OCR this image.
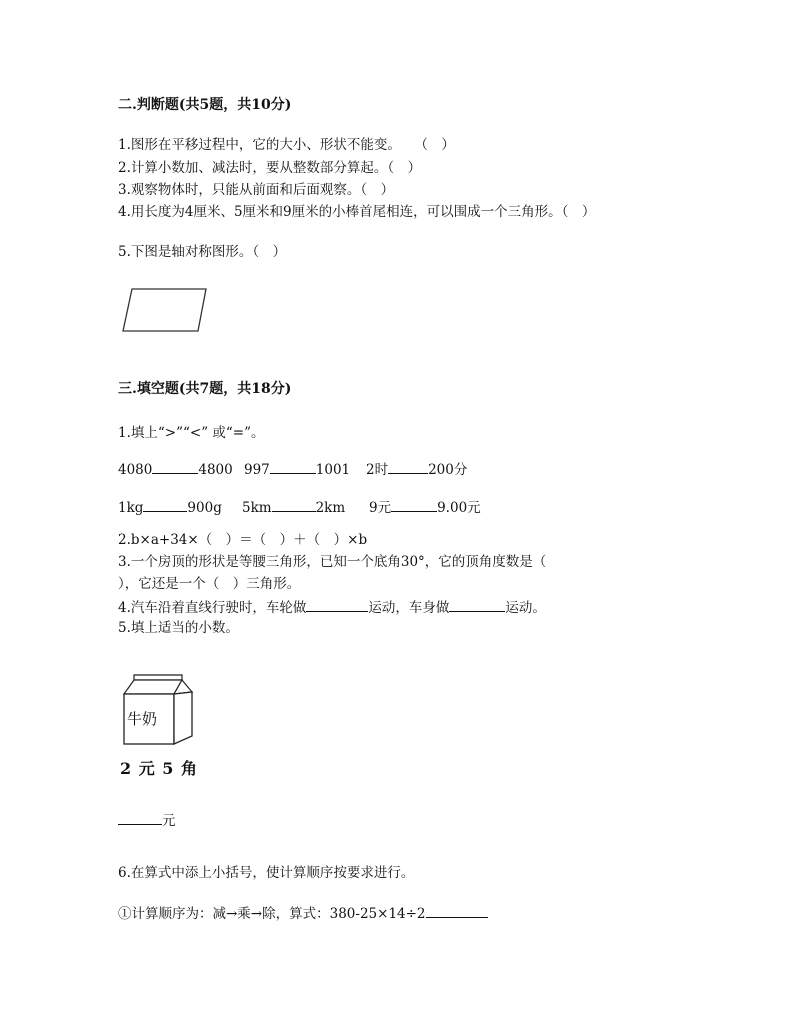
二.判断题(共5题，共10分)
1.图形在平移过程中，它的大小、形状不能变。　　（　）
2.计算小数加、减法时，要从整数部分算起。（　）
3.观察物体时，只能从前面和后面观察。（　）
4.用长度为4厘米、5厘米和9厘米的小棒首尾相连，可以围成一个三角形。（　）
5.下图是轴对称图形。（　）
三.填空题(共7题，共18分)
1.填上“>”“<” 或“=”。
4080	4800 997	1001 2时	200分
1kg	900g 5km	2km 9元	9.00元
2.b×a+34×（　）＝（　）＋（　）×b
3.一个房顶的形状是等腰三角形，已知一个底角30°，它的顶角度数是（
），它还是一个（　）三角形。
4.汽车沿着直线行驶时，车轮做	运动，车身做	运动。
5.填上适当的小数。
牛奶
2 元 5 角
元
6.在算式中添上小括号，使计算顺序按要求进行。
①计算顺序为：减→乘→除，算式：380-25×14÷2
